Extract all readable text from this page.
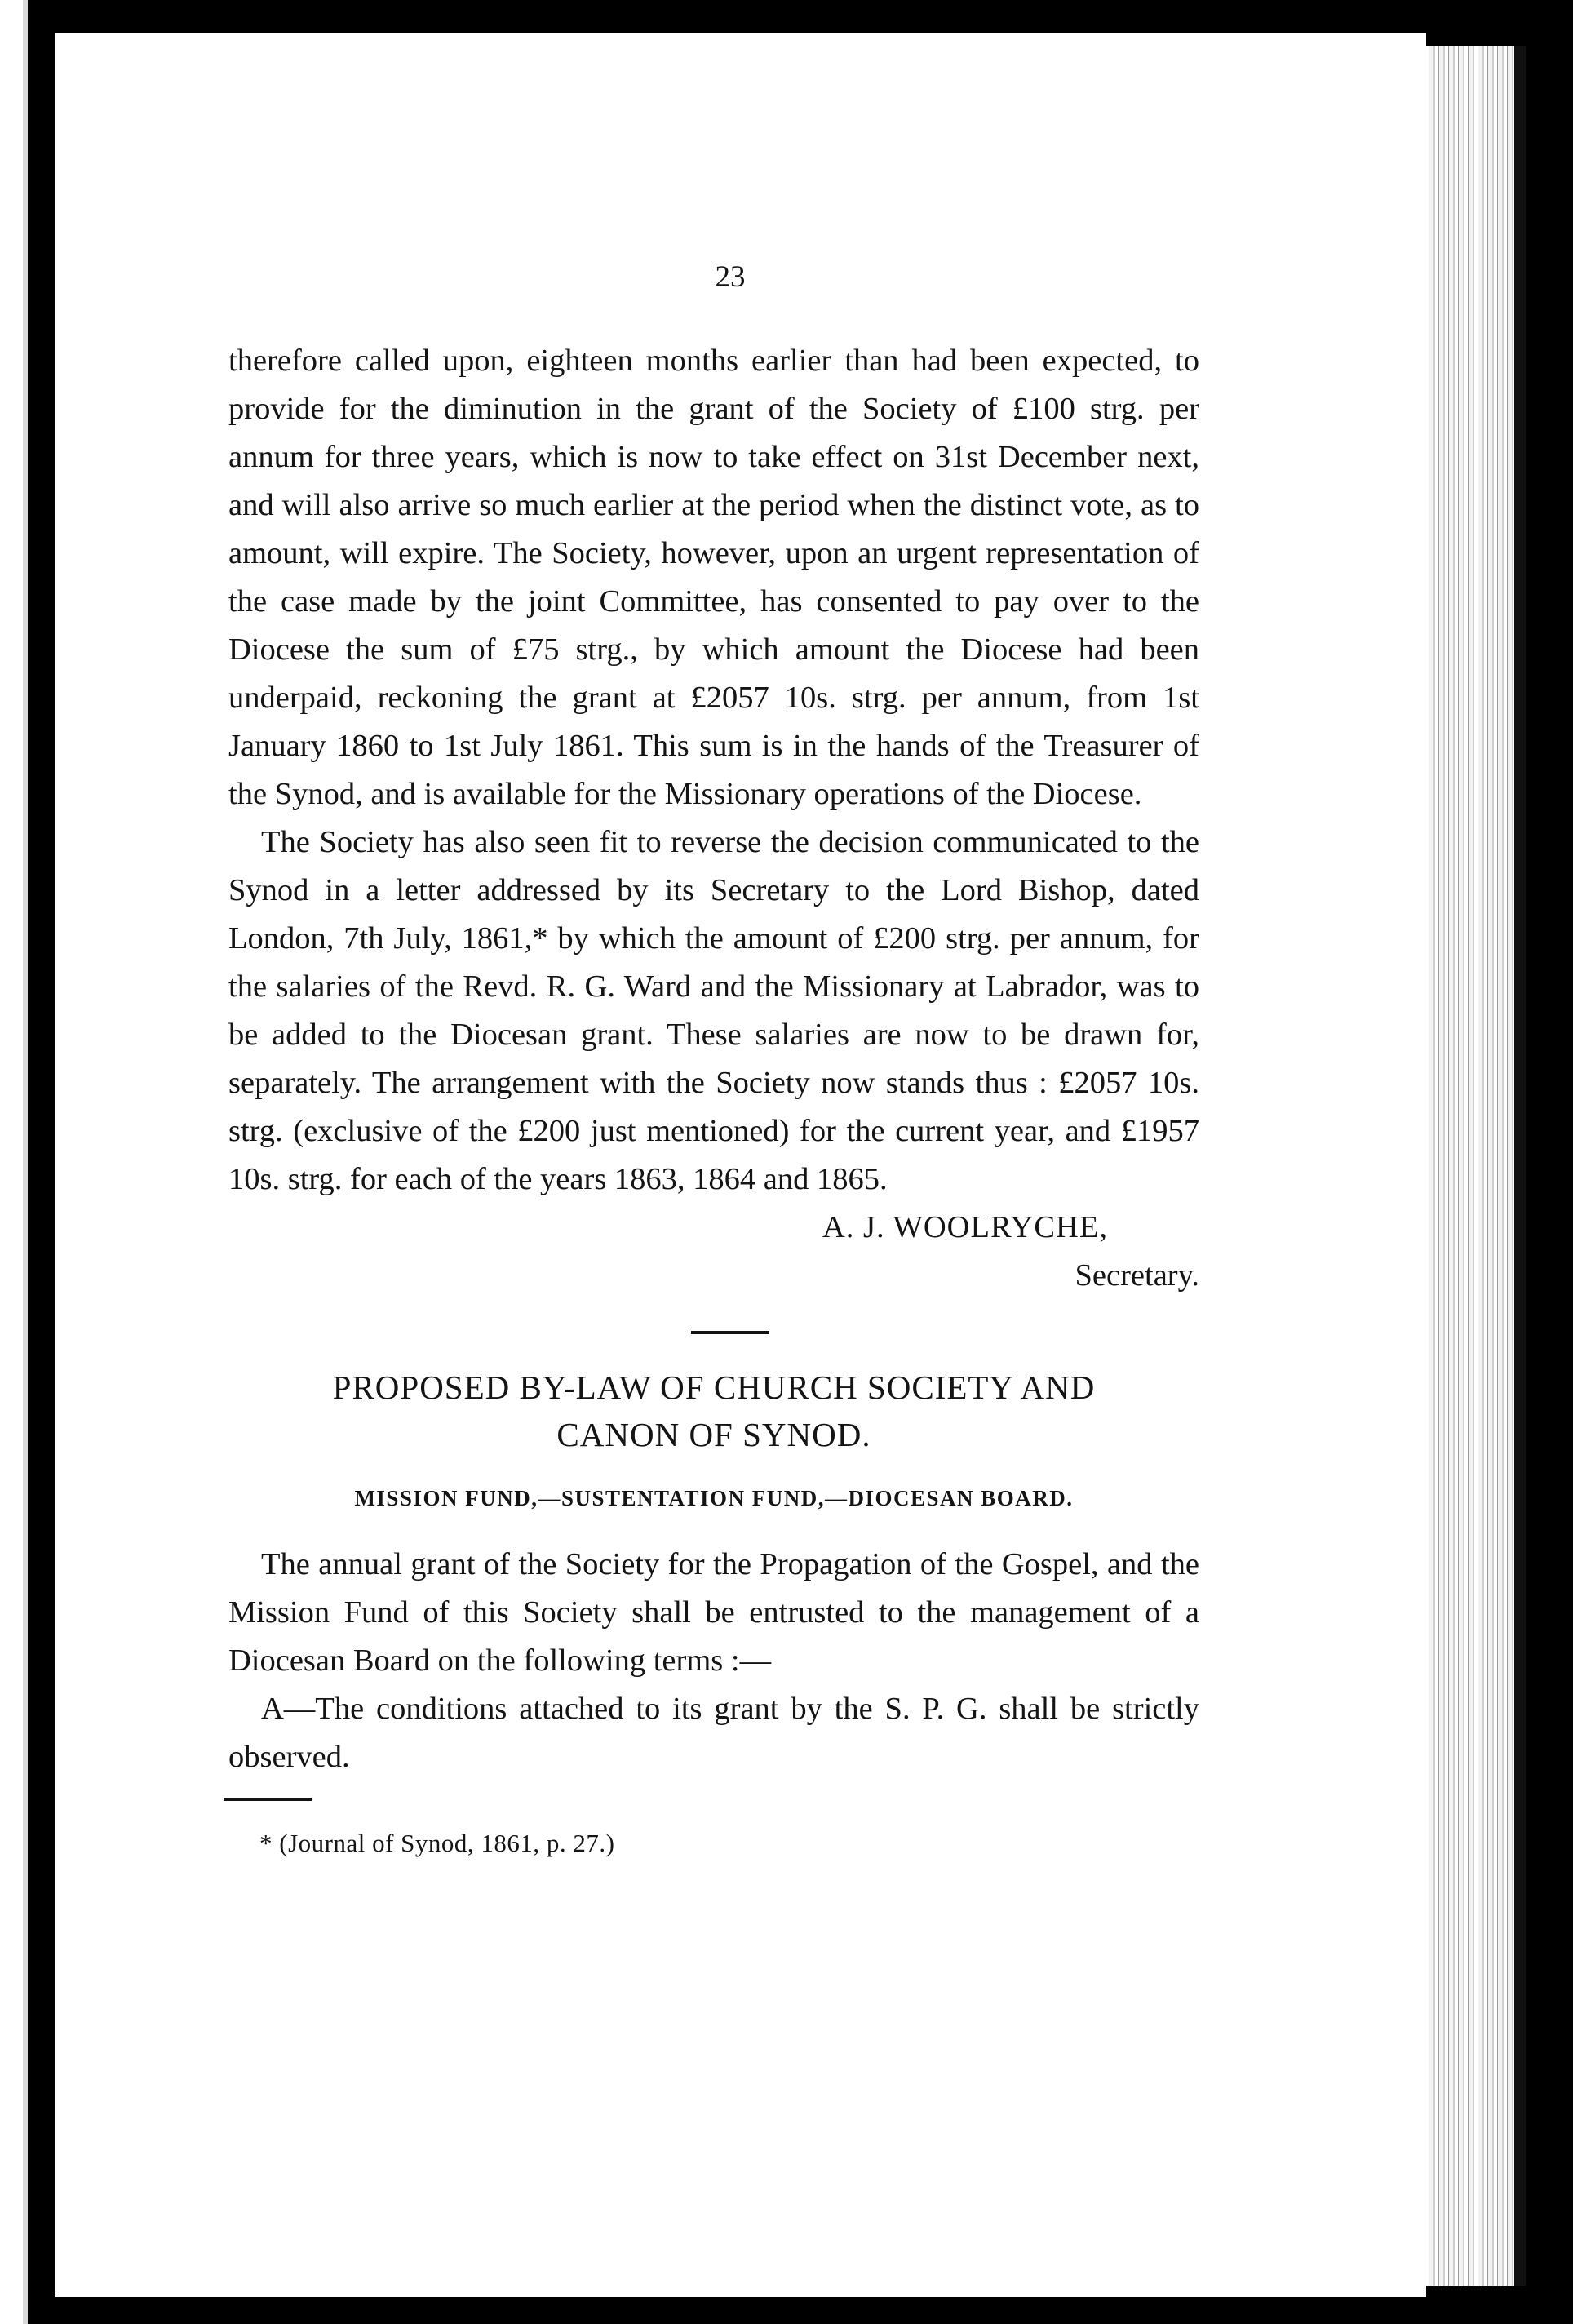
23

therefore called upon, eighteen months earlier than had been expected, to provide for the diminution in the grant of the Society of £100 strg. per annum for three years, which is now to take effect on 31st December next, and will also arrive so much earlier at the period when the distinct vote, as to amount, will expire. The Society, however, upon an urgent representation of the case made by the joint Committee, has consented to pay over to the Diocese the sum of £75 strg., by which amount the Diocese had been underpaid, reckoning the grant at £2057 10s. strg. per annum, from 1st January 1860 to 1st July 1861. This sum is in the hands of the Treasurer of the Synod, and is available for the Missionary operations of the Diocese.

The Society has also seen fit to reverse the decision communicated to the Synod in a letter addressed by its Secretary to the Lord Bishop, dated London, 7th July, 1861,* by which the amount of £200 strg. per annum, for the salaries of the Revd. R. G. Ward and the Missionary at Labrador, was to be added to the Diocesan grant. These salaries are now to be drawn for, separately. The arrangement with the Society now stands thus : £2057 10s. strg. (exclusive of the £200 just mentioned) for the current year, and £1957 10s. strg. for each of the years 1863, 1864 and 1865.

A. J. WOOLRYCHE,
Secretary.
PROPOSED BY-LAW OF CHURCH SOCIETY AND
CANON OF SYNOD.
MISSION FUND,—SUSTENTATION FUND,—DIOCESAN BOARD.

The annual grant of the Society for the Propagation of the Gospel, and the Mission Fund of this Society shall be entrusted to the management of a Diocesan Board on the following terms :—

A—The conditions attached to its grant by the S. P. G. shall be strictly observed.

* (Journal of Synod, 1861, p. 27.)
